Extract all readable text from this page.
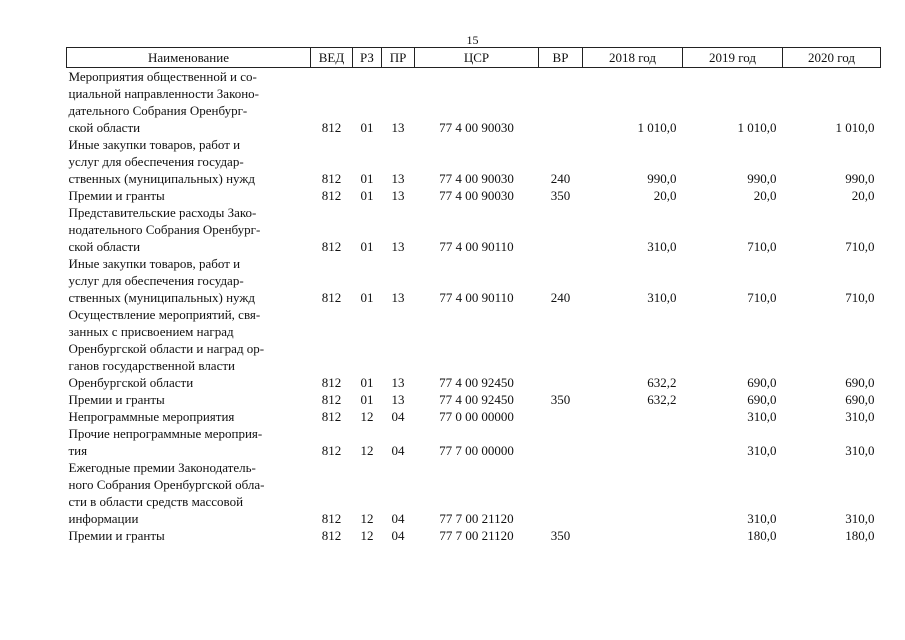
15
Наименование	ВЕД	РЗ	ПР	ЦСР	ВР	2018 год	2019 год	2020 год

Мероприятия общественной и со-
циальной направленности Законо-
дательного Собрания Оренбург-
ской области	812	01	13	77 4 00 90030		1 010,0	1 010,0	1 010,0

Иные закупки товаров, работ и
услуг для обеспечения государ-
ственных (муниципальных) нужд	812	01	13	77 4 00 90030	240	990,0	990,0	990,0

Премии и гранты	812	01	13	77 4 00 90030	350	20,0	20,0	20,0

Представительские расходы Зако-
нодательного Собрания Оренбург-
ской области	812	01	13	77 4 00 90110		310,0	710,0	710,0

Иные закупки товаров, работ и
услуг для обеспечения государ-
ственных (муниципальных) нужд	812	01	13	77 4 00 90110	240	310,0	710,0	710,0

Осуществление мероприятий, свя-
занных с присвоением наград
Оренбургской области и наград ор-
ганов государственной власти
Оренбургской области	812	01	13	77 4 00 92450		632,2	690,0	690,0

Премии и гранты	812	01	13	77 4 00 92450	350	632,2	690,0	690,0

Непрограммные мероприятия	812	12	04	77 0 00 00000			310,0	310,0

Прочие непрограммные мероприя-
тия	812	12	04	77 7 00 00000			310,0	310,0

Ежегодные премии Законодатель-
ного Собрания Оренбургской обла-
сти в области средств массовой
информации	812	12	04	77 7 00 21120			310,0	310,0

Премии и гранты	812	12	04	77 7 00 21120	350		180,0	180,0
